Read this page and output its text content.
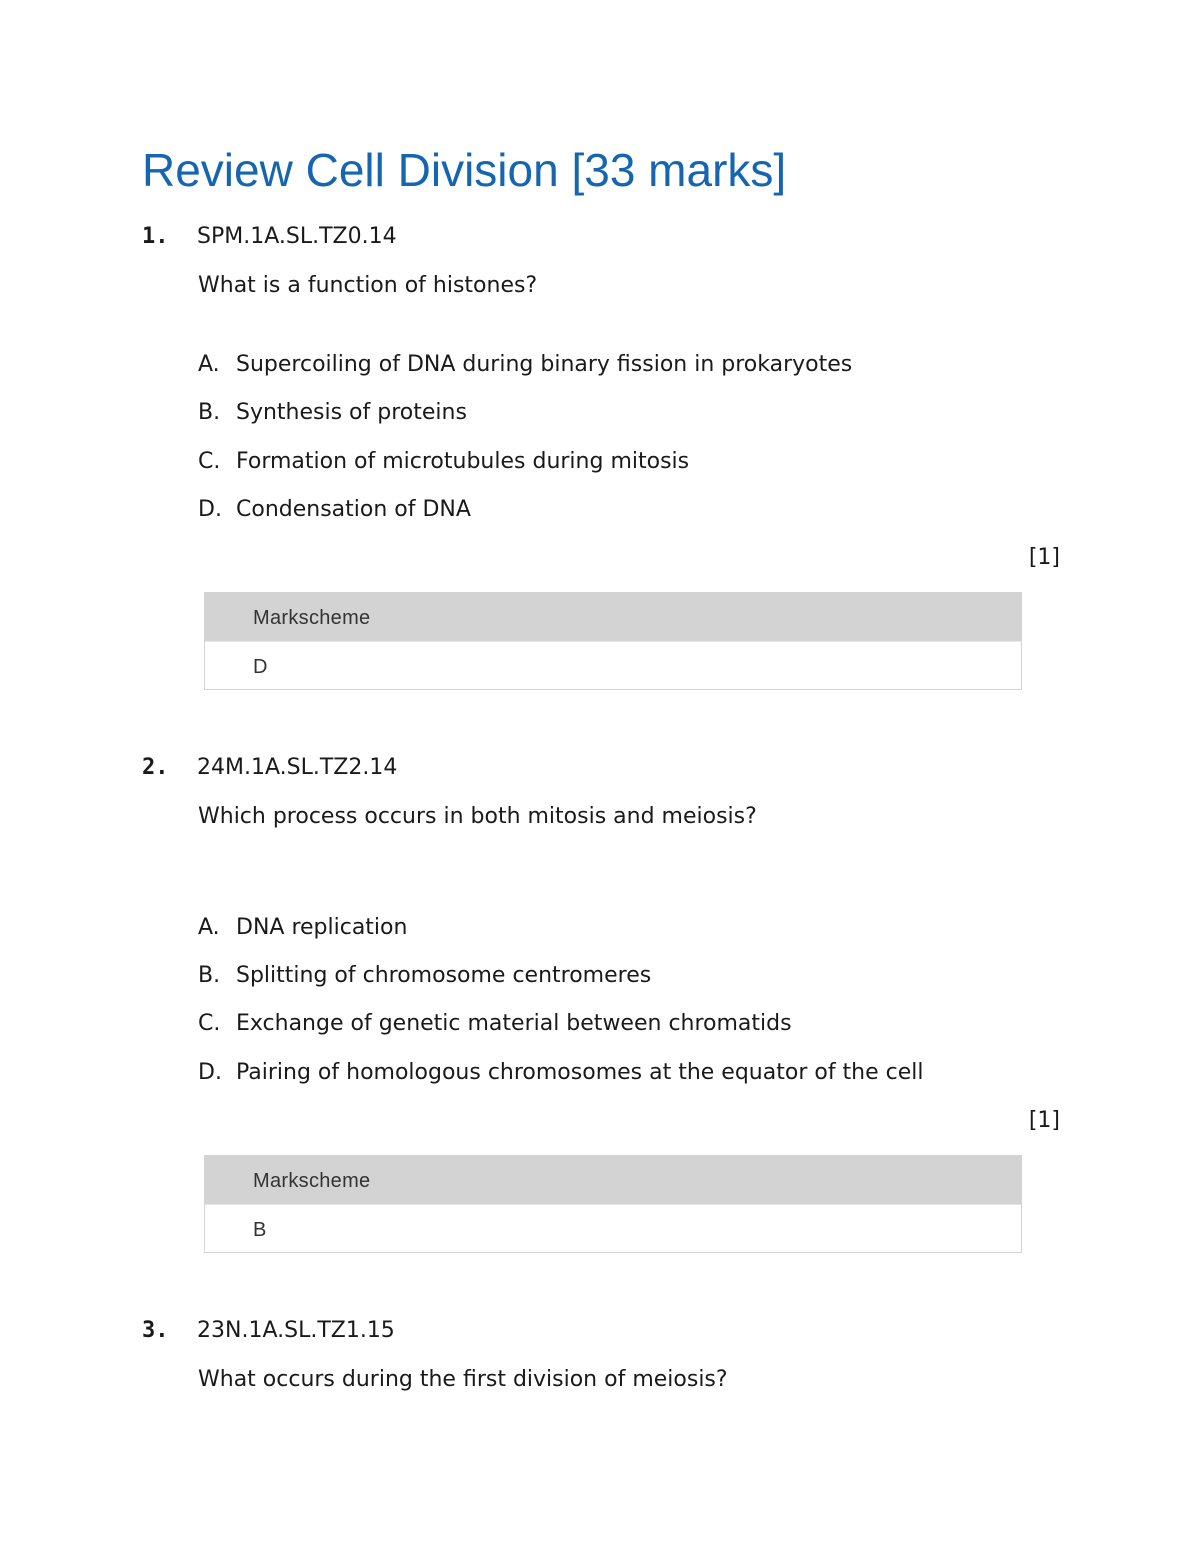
Review Cell Division [33 marks]
1. SPM.1A.SL.TZ0.14
What is a function of histones?
A. Supercoiling of DNA during binary fission in prokaryotes
B. Synthesis of proteins
C. Formation of microtubules during mitosis
D. Condensation of DNA
[1]
Markscheme
D
2. 24M.1A.SL.TZ2.14
Which process occurs in both mitosis and meiosis?
A. DNA replication
B. Splitting of chromosome centromeres
C. Exchange of genetic material between chromatids
D. Pairing of homologous chromosomes at the equator of the cell
[1]
Markscheme
B
3. 23N.1A.SL.TZ1.15
What occurs during the first division of meiosis?
